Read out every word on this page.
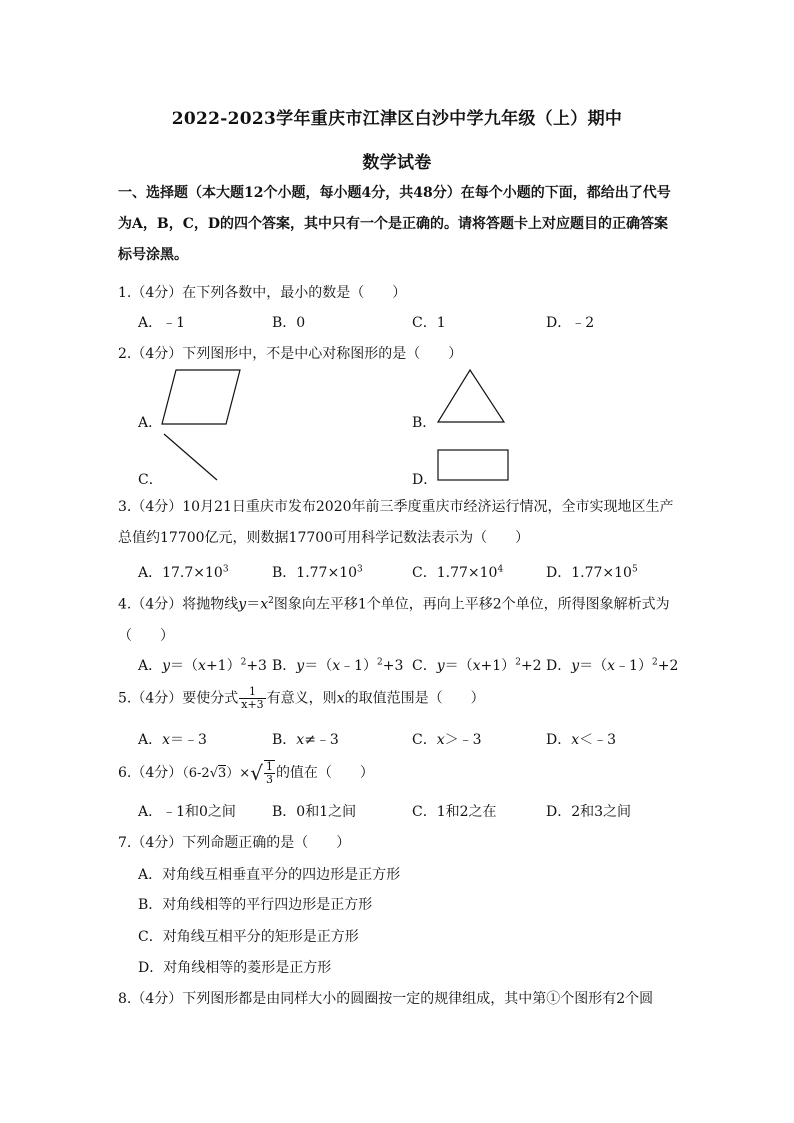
2022-2023学年重庆市江津区白沙中学九年级（上）期中
数学试卷
一、选择题（本大题12个小题，每小题4分，共48分）在每个小题的下面，都给出了代号为A，B，C，D的四个答案，其中只有一个是正确的。请将答题卡上对应题目的正确答案标号涂黑。
1.（4分）在下列各数中，最小的数是（　　）
A．﹣1	B．0	C．1	D．﹣2
2.（4分）下列图形中，不是中心对称图形的是（　　）
A．	B．
C．	D．
3.（4分）10月21日重庆市发布2020年前三季度重庆市经济运行情况，全市实现地区生产总值约17700亿元，则数据17700可用科学记数法表示为（　　）
A．$17.7\times 10^3$	B．$1.77\times 10^3$	C．$1.77\times 10^4$	D．$1.77\times 10^5$
4.（4分）将抛物线$y=x^2$图象向左平移1个单位，再向上平移2个单位，所得图象解析式为（　　）
A．$y=(x+1)^2+3$ B．y＝（x﹣1）$^2$+3 C．$y=(x+1)^2+2$ D．y＝（x﹣1）$^2$+2
5.（4分）要使分式 $\frac{1}{x+3}$ 有意义，则x的取值范围是（　　）
A．x＝﹣3	B．x≠﹣3	C．x＞﹣3	D．x＜﹣3
6.（4分）$(6-2√3)\times√ \frac{1}{3}$ 的值在（　　）
A．﹣1和0之间	B．0和1之间	C．1和2之在	D．2和3之间
7.（4分）下列命题正确的是（　　）
A．对角线互相垂直平分的四边形是正方形
B．对角线相等的平行四边形是正方形
C．对角线互相平分的矩形是正方形
D．对角线相等的菱形是正方形
8.（4分）下列图形都是由同样大小的圆圈按一定的规律组成，其中第①个图形有2个圆
